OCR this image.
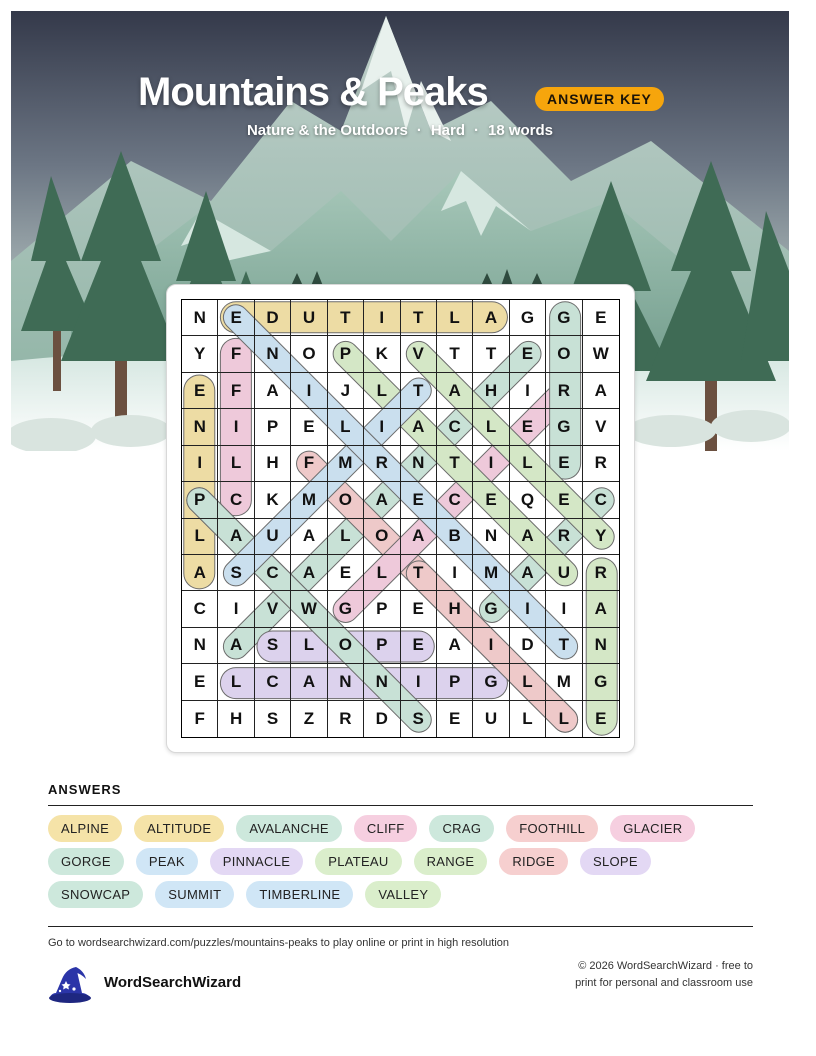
Mountains & Peaks	ANSWER KEY
Nature & the Outdoors · Hard · 18 words
N	E	D	U	T	I	T	L	A	G	G	E
Y	F	N	O	P	K	V	T	T	E	O	W
E	F	A	I	J	L	T	A	H	I	R	A
N	I	P	E	L	I	A	C	L	E	G	V
I	L	H	F	M	R	N	T	I	L	E	R
P	C	K	M	O	A	E	C	E	Q	E	C
L	A	U	A	L	O	A	B	N	A	R	Y
A	S	C	A	E	L	T	I	M	A	U	R
C	I	V	W	G	P	E	H	G	I	I	A
N	A	S	L	O	P	E	A	I	D	T	N
E	L	C	A	N	N	I	P	G	L	M	G
F	H	S	Z	R	D	S	E	U	L	L	E
ANSWERS
ALPINE	ALTITUDE	AVALANCHE	CLIFF	CRAG	FOOTHILL	GLACIER
GORGE	PEAK	PINNACLE	PLATEAU	RANGE	RIDGE	SLOPE
SNOWCAP	SUMMIT	TIMBERLINE	VALLEY
Go to wordsearchwizard.com/puzzles/mountains-peaks to play online or print in high resolution
WordSearchWizard
© 2026 WordSearchWizard · free to print for personal and classroom use
